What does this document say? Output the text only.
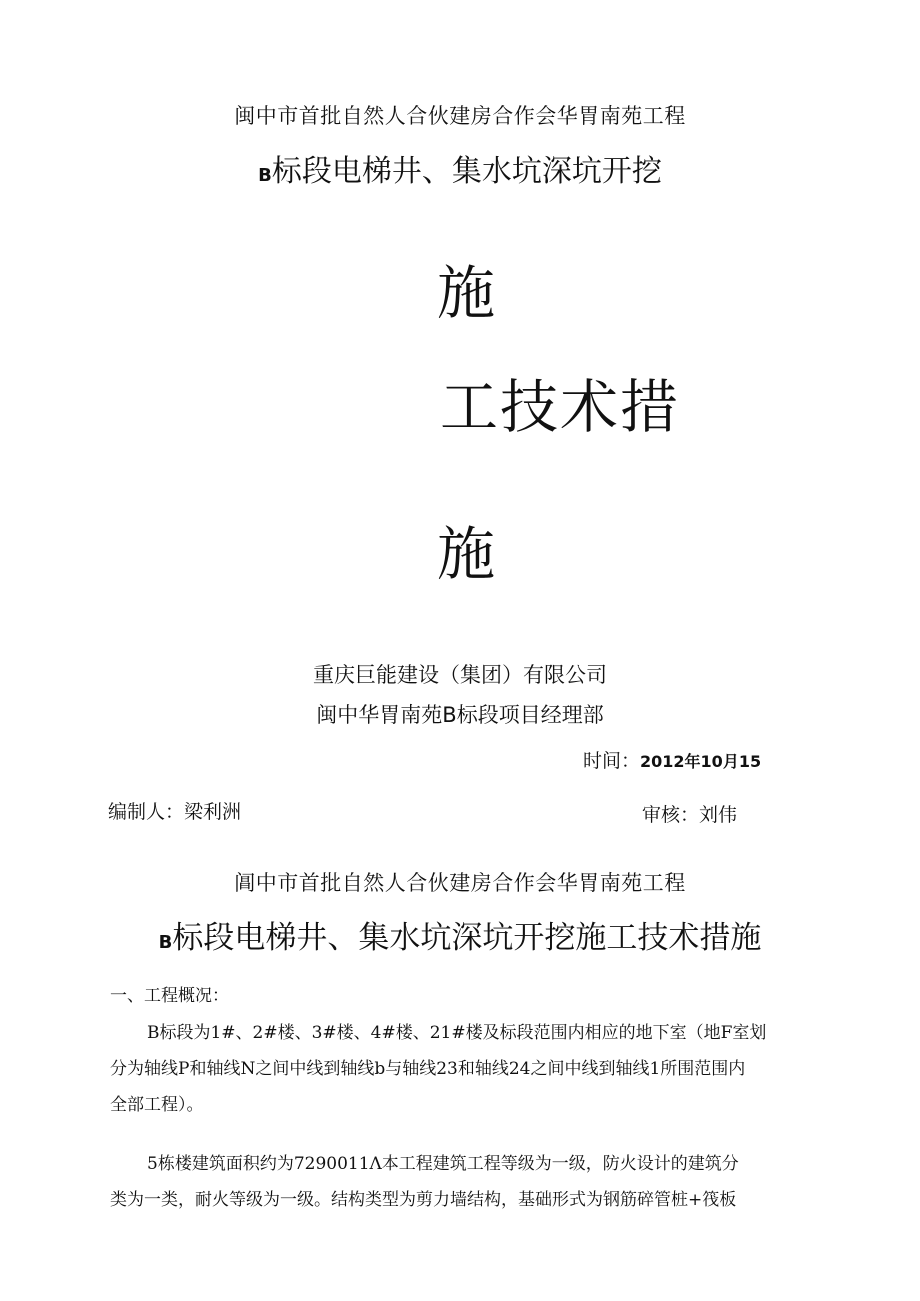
闽中市首批自然人合伙建房合作会华胃南苑工程
B标段电梯井、集水坑深坑开挖
施
工技术措
施
重庆巨能建设（集团）有限公司
闽中华胃南苑B标段项目经理部
时间：2012年10月15
编制人：梁利洲	审核：刘伟
阊中市首批自然人合伙建房合作会华胃南苑工程
B标段电梯井、集水坑深坑开挖施工技术措施
一、工程概况：

B标段为1#、2#楼、3#楼、4#楼、21#楼及标段范围内相应的地下室（地F室划
分为轴线P和轴线N之间中线到轴线b与轴线23和轴线24之间中线到轴线1所围范围内
全部工程）。

5栋楼建筑面积约为7290011Λ本工程建筑工程等级为一级，防火设计的建筑分
类为一类，耐火等级为一级。结构类型为剪力墙结构，基础形式为钢筋碎管桩+筏板
